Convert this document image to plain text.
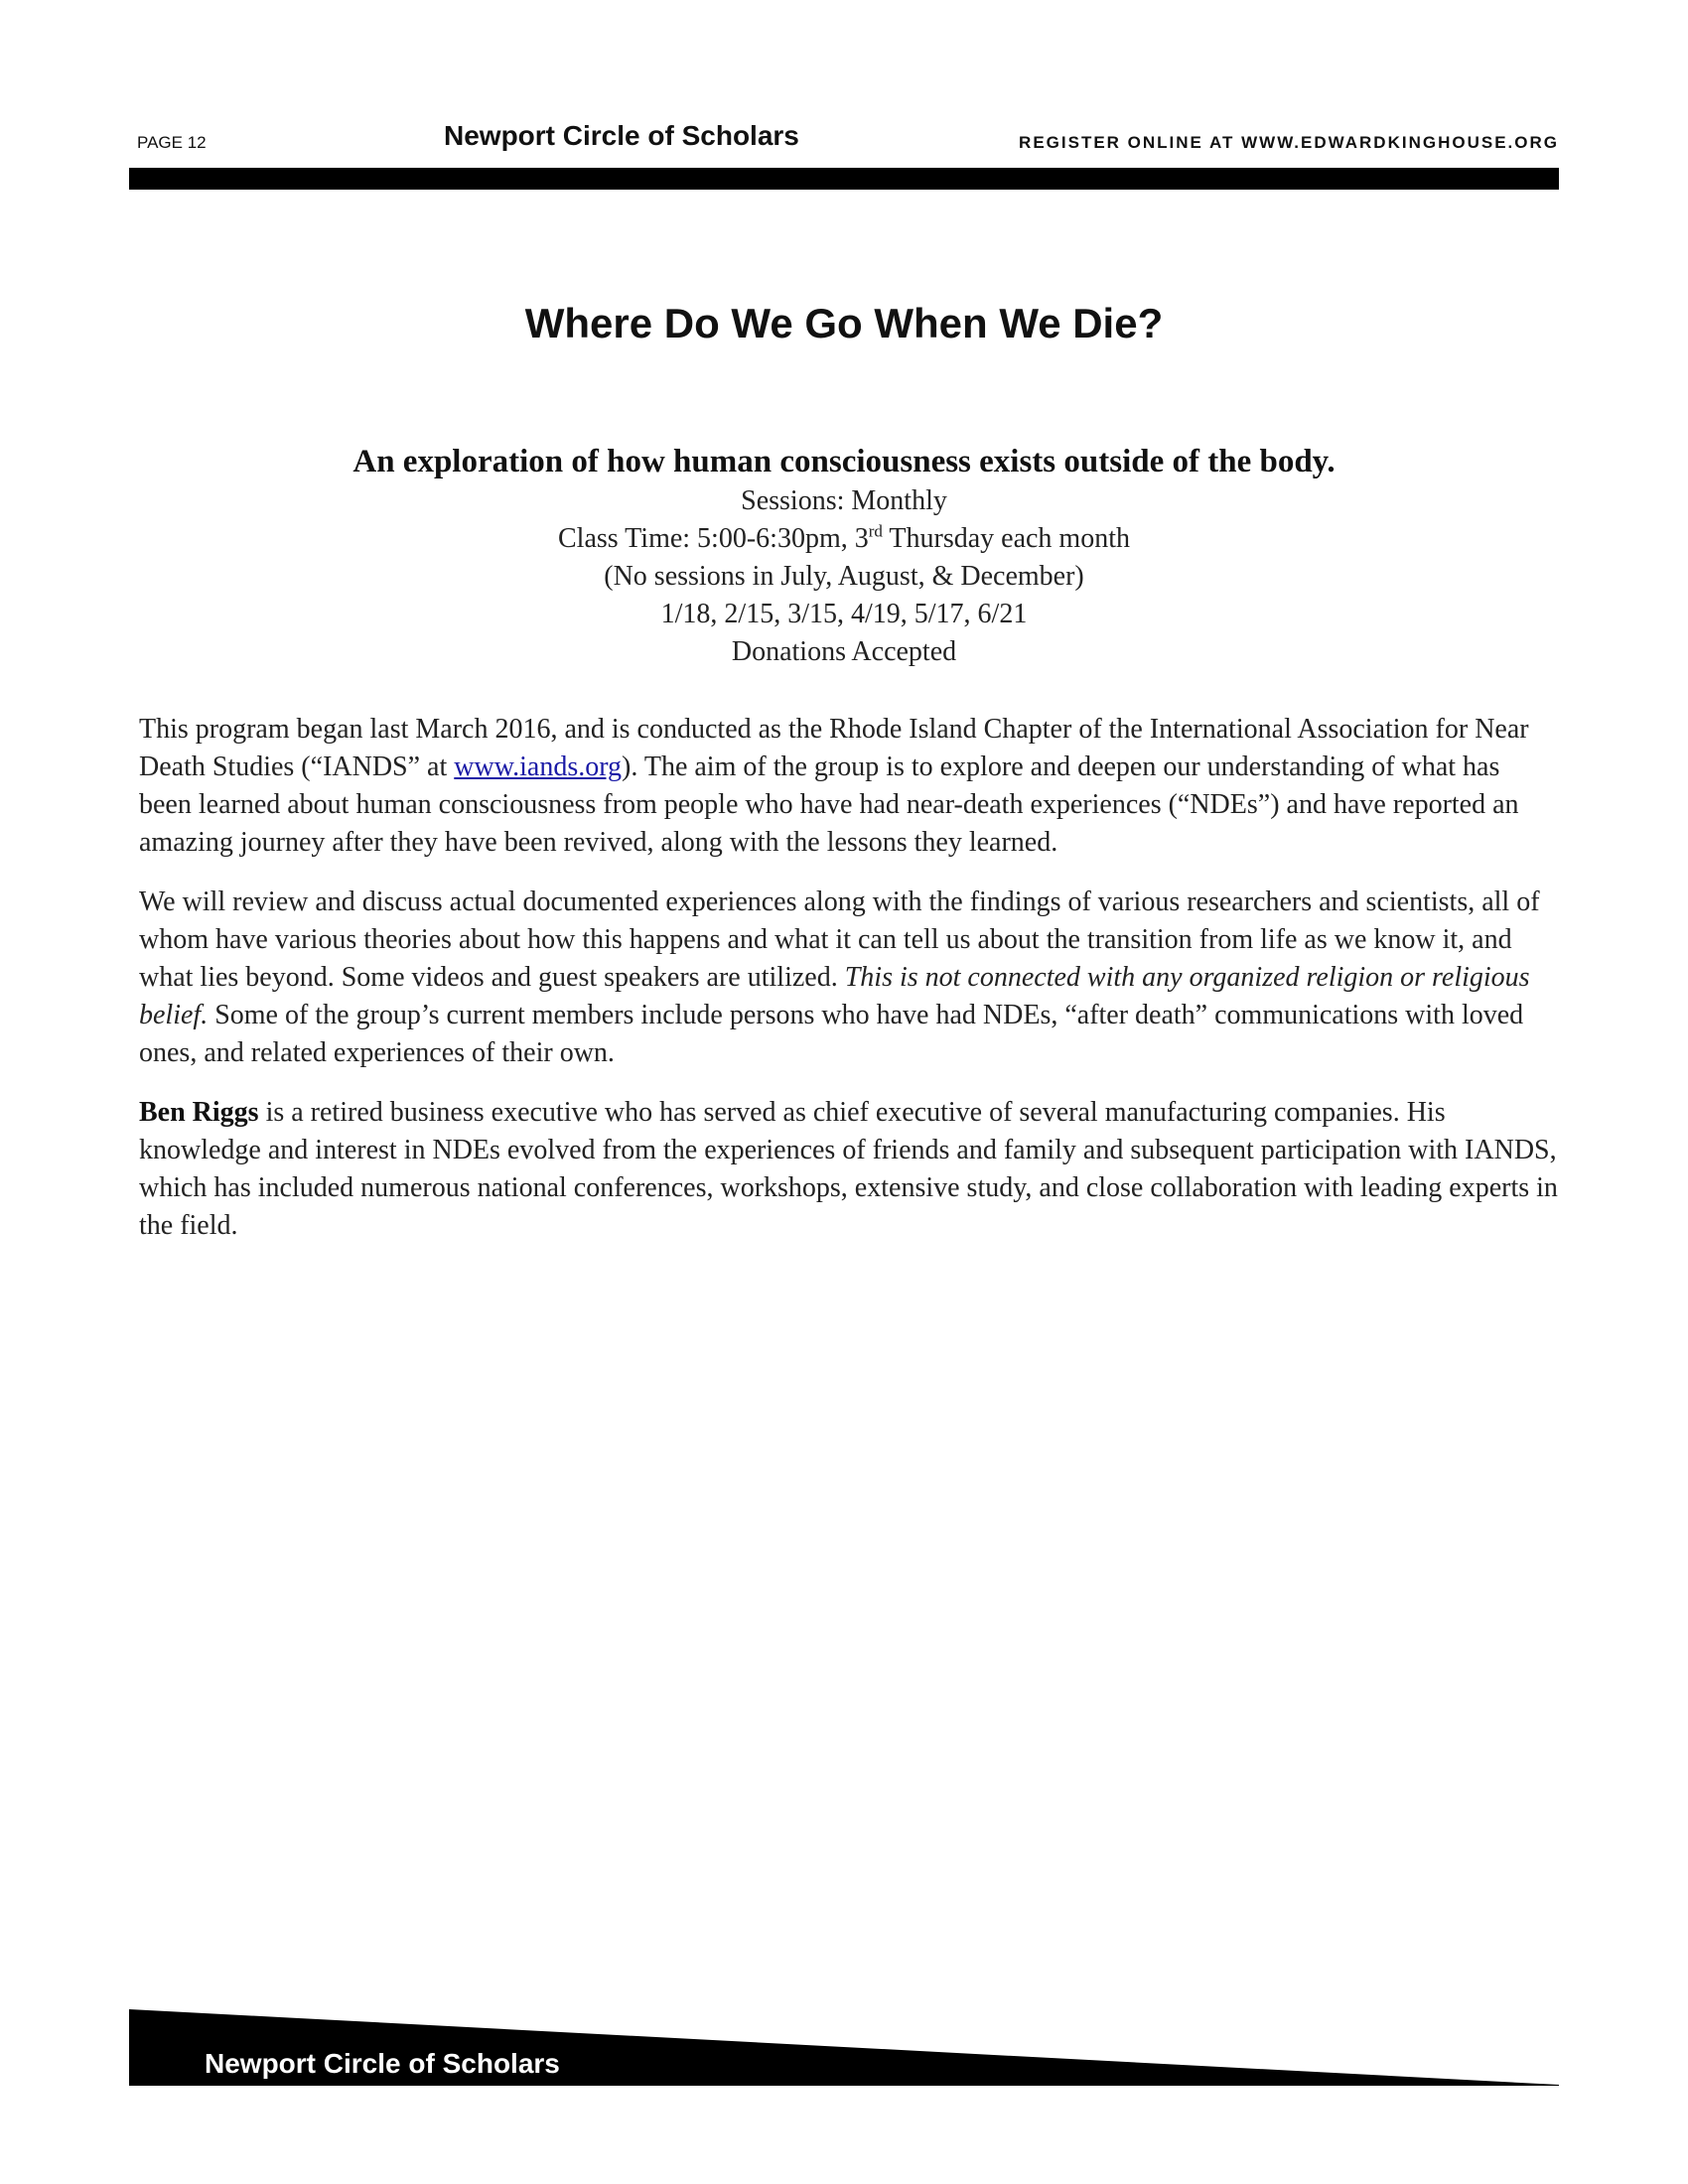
PAGE 12	Newport Circle of Scholars	REGISTER ONLINE AT WWW.EDWARDKINGHOUSE.ORG
Where Do We Go When We Die?
An exploration of how human consciousness exists outside of the body.
Sessions: Monthly
Class Time: 5:00-6:30pm, 3rd Thursday each month
(No sessions in July, August, & December)
1/18, 2/15, 3/15, 4/19, 5/17, 6/21
Donations Accepted

This program began last March 2016, and is conducted as the Rhode Island Chapter of the International Association for Near Death Studies (“IANDS” at www.iands.org). The aim of the group is to explore and deepen our understanding of what has been learned about human consciousness from people who have had near-death experiences (“NDEs”) and have reported an amazing journey after they have been revived, along with the lessons they learned.

We will review and discuss actual documented experiences along with the findings of various researchers and scientists, all of whom have various theories about how this happens and what it can tell us about the transition from life as we know it, and what lies beyond. Some videos and guest speakers are utilized. This is not connected with any organized religion or religious belief. Some of the group’s current members include persons who have had NDEs, “after death” communications with loved ones, and related experiences of their own.

Ben Riggs is a retired business executive who has served as chief executive of several manufacturing companies. His knowledge and interest in NDEs evolved from the experiences of friends and family and subsequent participation with IANDS, which has included numerous national conferences, workshops, extensive study, and close collaboration with leading experts in the field.

Newport Circle of Scholars
